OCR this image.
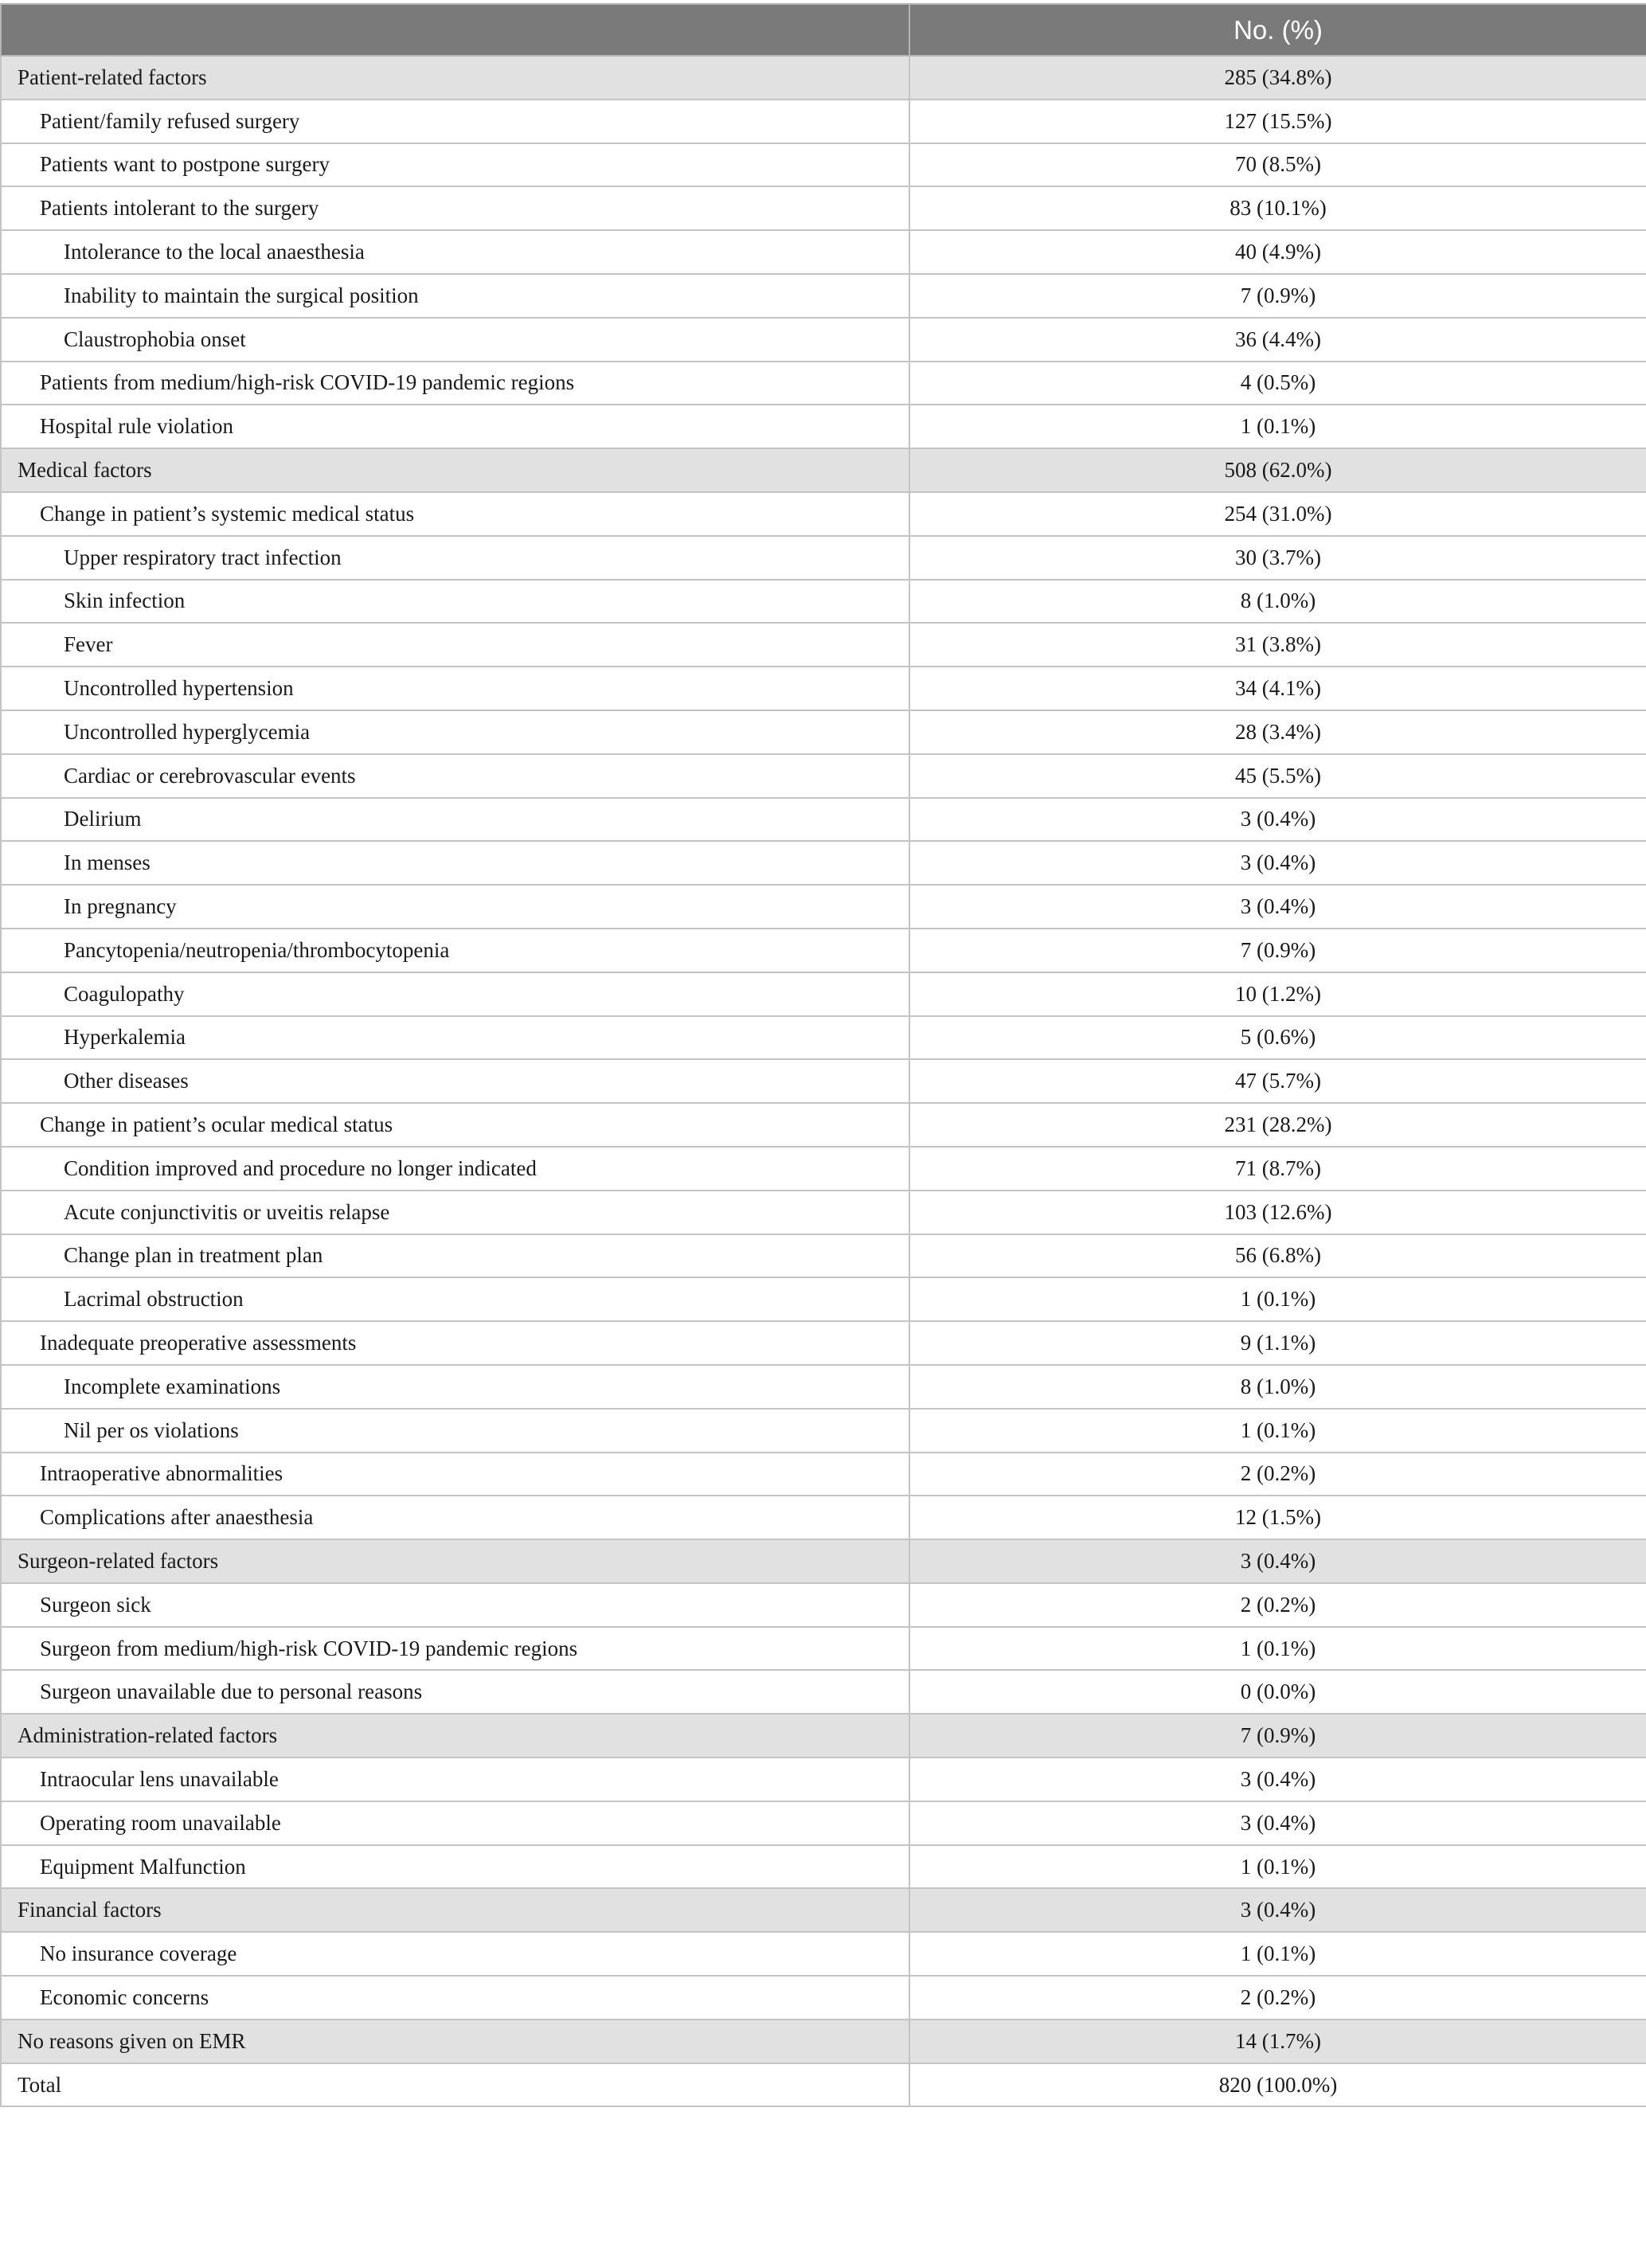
	No. (%)
Patient-related factors	285 (34.8%)
Patient/family refused surgery	127 (15.5%)
Patients want to postpone surgery	70 (8.5%)
Patients intolerant to the surgery	83 (10.1%)
Intolerance to the local anaesthesia	40 (4.9%)
Inability to maintain the surgical position	7 (0.9%)
Claustrophobia onset	36 (4.4%)
Patients from medium/high-risk COVID-19 pandemic regions	4 (0.5%)
Hospital rule violation	1 (0.1%)
Medical factors	508 (62.0%)
Change in patient’s systemic medical status	254 (31.0%)
Upper respiratory tract infection	30 (3.7%)
Skin infection	8 (1.0%)
Fever	31 (3.8%)
Uncontrolled hypertension	34 (4.1%)
Uncontrolled hyperglycemia	28 (3.4%)
Cardiac or cerebrovascular events	45 (5.5%)
Delirium	3 (0.4%)
In menses	3 (0.4%)
In pregnancy	3 (0.4%)
Pancytopenia/neutropenia/thrombocytopenia	7 (0.9%)
Coagulopathy	10 (1.2%)
Hyperkalemia	5 (0.6%)
Other diseases	47 (5.7%)
Change in patient’s ocular medical status	231 (28.2%)
Condition improved and procedure no longer indicated	71 (8.7%)
Acute conjunctivitis or uveitis relapse	103 (12.6%)
Change plan in treatment plan	56 (6.8%)
Lacrimal obstruction	1 (0.1%)
Inadequate preoperative assessments	9 (1.1%)
Incomplete examinations	8 (1.0%)
Nil per os violations	1 (0.1%)
Intraoperative abnormalities	2 (0.2%)
Complications after anaesthesia	12 (1.5%)
Surgeon-related factors	3 (0.4%)
Surgeon sick	2 (0.2%)
Surgeon from medium/high-risk COVID-19 pandemic regions	1 (0.1%)
Surgeon unavailable due to personal reasons	0 (0.0%)
Administration-related factors	7 (0.9%)
Intraocular lens unavailable	3 (0.4%)
Operating room unavailable	3 (0.4%)
Equipment Malfunction	1 (0.1%)
Financial factors	3 (0.4%)
No insurance coverage	1 (0.1%)
Economic concerns	2 (0.2%)
No reasons given on EMR	14 (1.7%)
Total	820 (100.0%)
